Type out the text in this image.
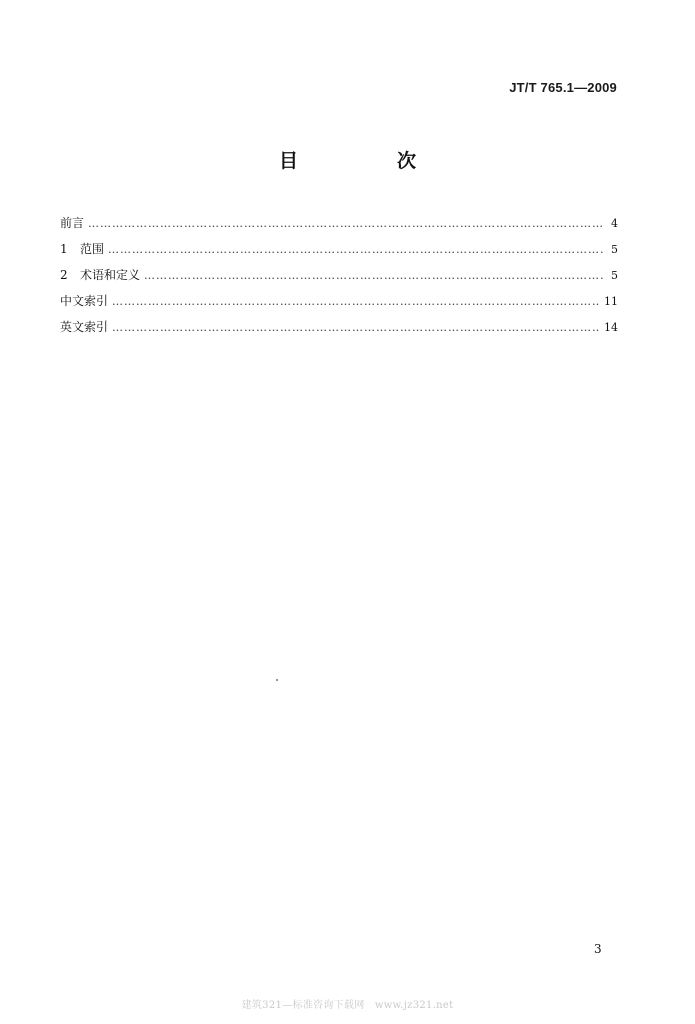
JT/T 765.1—2009
目　次
前言 …………………………………………………………………………………………………………………………………………………………	4
1	范围 …………………………………………………………………………………………………………………………………………………………	5
2	术语和定义 …………………………………………………………………………………………………………………………………………………………	5
中文索引 …………………………………………………………………………………………………………………………………………………………	11
英文索引 …………………………………………………………………………………………………………………………………………………………	14
3
建筑321—标准咨询下载网　www.jz321.net
